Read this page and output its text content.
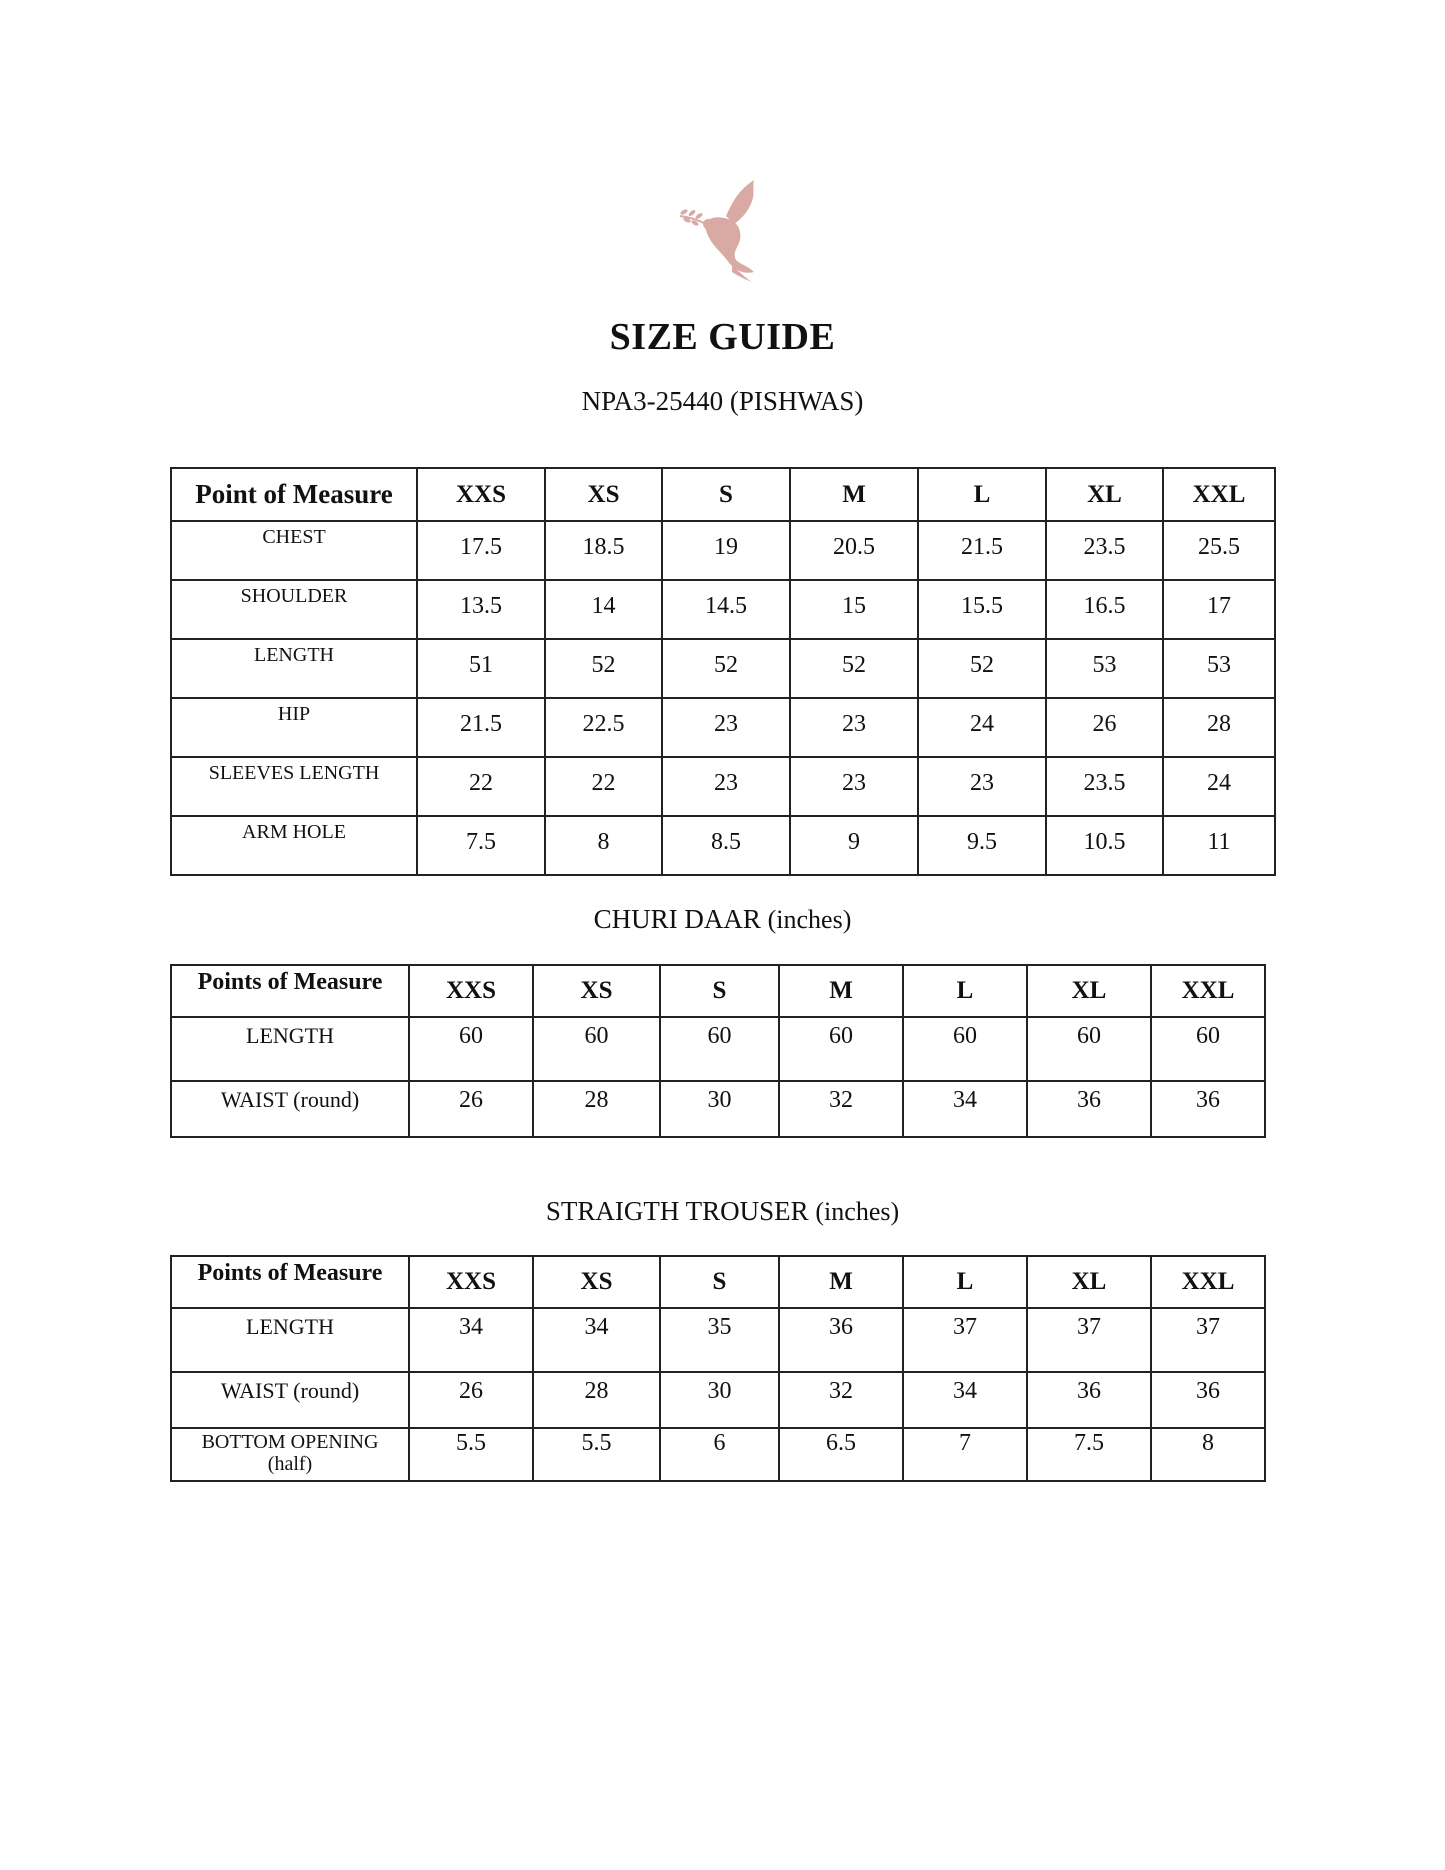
SIZE GUIDE
NPA3-25440 (PISHWAS)
Point of Measure	XXS	XS	S	M	L	XL	XXL
CHEST	17.5	18.5	19	20.5	21.5	23.5	25.5
SHOULDER	13.5	14	14.5	15	15.5	16.5	17
LENGTH	51	52	52	52	52	53	53
HIP	21.5	22.5	23	23	24	26	28
SLEEVES LENGTH	22	22	23	23	23	23.5	24
ARM HOLE	7.5	8	8.5	9	9.5	10.5	11
CHURI DAAR (inches)
Points of Measure	XXS	XS	S	M	L	XL	XXL
LENGTH	60	60	60	60	60	60	60
WAIST (round)	26	28	30	32	34	36	36
STRAIGTH TROUSER (inches)
Points of Measure	XXS	XS	S	M	L	XL	XXL
LENGTH	34	34	35	36	37	37	37
WAIST (round)	26	28	30	32	34	36	36

BOTTOM OPENING
(half)	5.5	5.5	6	6.5	7	7.5	8
